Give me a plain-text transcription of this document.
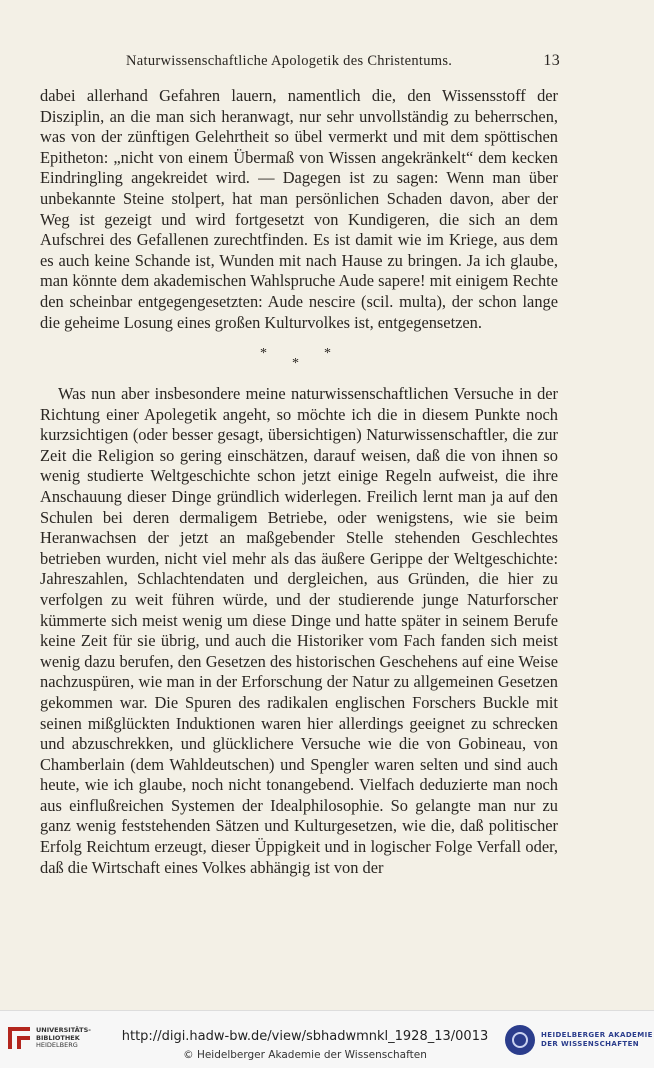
Naturwissenschaftliche Apologetik des Christentums.	13

dabei allerhand Gefahren lauern, namentlich die, den Wissensstoff der Disziplin, an die man sich heranwagt, nur sehr unvollständig zu beherrschen, was von der zünftigen Gelehrtheit so übel vermerkt und mit dem spöttischen Epitheton: „nicht von einem Übermaß von Wissen angekränkelt“ dem kecken Eindringling angekreidet wird. — Dagegen ist zu sagen: Wenn man über unbekannte Steine stolpert, hat man persönlichen Schaden davon, aber der Weg ist gezeigt und wird fortgesetzt von Kundigeren, die sich an dem Aufschrei des Gefallenen zurechtfinden. Es ist damit wie im Kriege, aus dem es auch keine Schande ist, Wunden mit nach Hause zu bringen. Ja ich glaube, man könnte dem akademischen Wahlspruche Aude sapere! mit einigem Rechte den scheinbar entgegengesetzten: Aude nescire (scil. multa), der schon lange die geheime Losung eines großen Kulturvolkes ist, entgegensetzen.

*	*
*

Was nun aber insbesondere meine naturwissenschaftlichen Versuche in der Richtung einer Apolegetik angeht, so möchte ich die in diesem Punkte noch kurzsichtigen (oder besser gesagt, übersichtigen) Naturwissenschaftler, die zur Zeit die Religion so gering einschätzen, darauf weisen, daß die von ihnen so wenig studierte Weltgeschichte schon jetzt einige Regeln aufweist, die ihre Anschauung dieser Dinge gründlich widerlegen. Freilich lernt man ja auf den Schulen bei deren dermaligem Betriebe, oder wenigstens, wie sie beim Heranwachsen der jetzt an maßgebender Stelle stehenden Geschlechtes betrieben wurden, nicht viel mehr als das äußere Gerippe der Weltgeschichte: Jahreszahlen, Schlachtendaten und dergleichen, aus Gründen, die hier zu verfolgen zu weit führen würde, und der studierende junge Naturforscher kümmerte sich meist wenig um diese Dinge und hatte später in seinem Berufe keine Zeit für sie übrig, und auch die Historiker vom Fach fanden sich meist wenig dazu berufen, den Gesetzen des historischen Geschehens auf eine Weise nachzuspüren, wie man in der Erforschung der Natur zu allgemeinen Gesetzen gekommen war. Die Spuren des radikalen englischen Forschers Buckle mit seinen mißglückten Induktionen waren hier allerdings geeignet zu schrecken und abzuschrekken, und glücklichere Versuche wie die von Gobineau, von Chamberlain (dem Wahldeutschen) und Spengler waren selten und sind auch heute, wie ich glaube, noch nicht tonangebend. Vielfach deduzierte man noch aus einflußreichen Systemen der Idealphilosophie. So gelangte man nur zu ganz wenig feststehenden Sätzen und Kulturgesetzen, wie die, daß politischer Erfolg Reichtum erzeugt, dieser Üppigkeit und in logischer Folge Verfall oder, daß die Wirtschaft eines Volkes abhängig ist von der

UNIVERSITÄTS-
BIBLIOTHEK
HEIDELBERG
http://digi.hadw-bw.de/view/sbhadwmnkl_1928_13/0013
© Heidelberger Akademie der Wissenschaften
HEIDELBERGER AKADEMIE
DER WISSENSCHAFTEN
